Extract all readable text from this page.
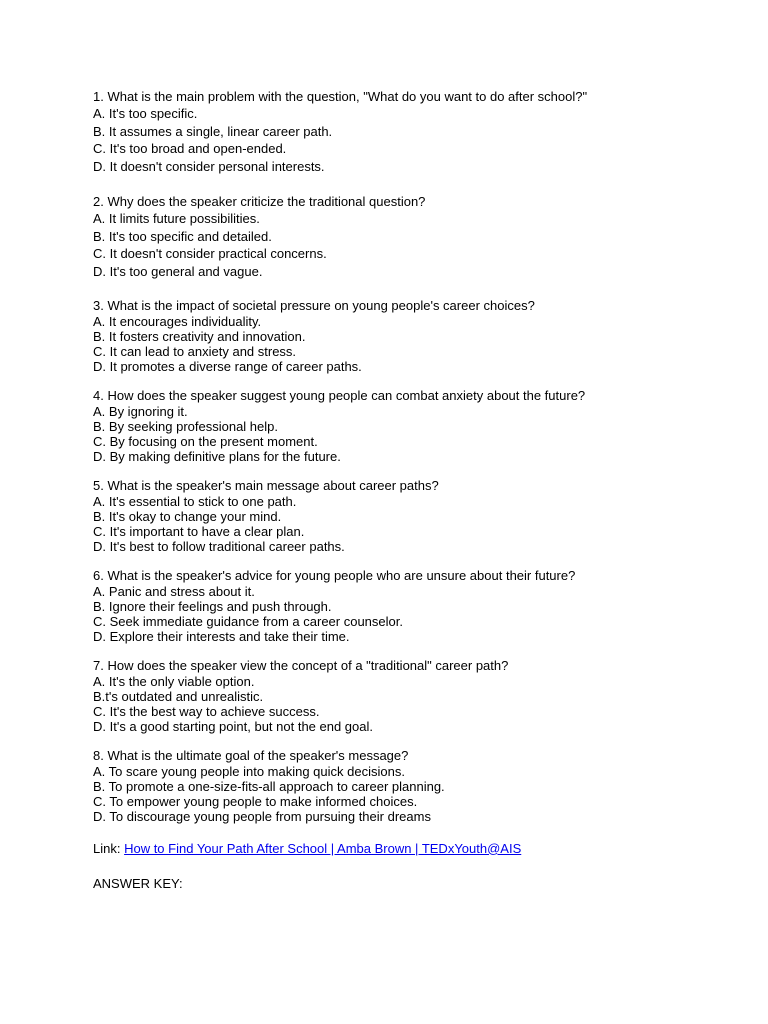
1. What is the main problem with the question, "What do you want to do after school?"
A. It's too specific.
B. It assumes a single, linear career path.
C. It's too broad and open-ended.
D. It doesn't consider personal interests.
2. Why does the speaker criticize the traditional question?
A. It limits future possibilities.
B. It's too specific and detailed.
C. It doesn't consider practical concerns.
D. It's too general and vague.
3. What is the impact of societal pressure on young people's career choices?
A. It encourages individuality.
B. It fosters creativity and innovation.
C. It can lead to anxiety and stress.
D. It promotes a diverse range of career paths.
4. How does the speaker suggest young people can combat anxiety about the future?
A. By ignoring it.
B. By seeking professional help.
C. By focusing on the present moment.
D. By making definitive plans for the future.
5. What is the speaker's main message about career paths?
A. It's essential to stick to one path.
B. It's okay to change your mind.
C. It's important to have a clear plan.
D. It's best to follow traditional career paths.
6. What is the speaker's advice for young people who are unsure about their future?
A. Panic and stress about it.
B. Ignore their feelings and push through.
C. Seek immediate guidance from a career counselor.
D. Explore their interests and take their time.
7. How does the speaker view the concept of a "traditional" career path?
A. It's the only viable option.
B.t's outdated and unrealistic.
C. It's the best way to achieve success.
D. It's a good starting point, but not the end goal.
8. What is the ultimate goal of the speaker's message?
A. To scare young people into making quick decisions.
B. To promote a one-size-fits-all approach to career planning.
C. To empower young people to make informed choices.
D. To discourage young people from pursuing their dreams
Link: How to Find Your Path After School | Amba Brown | TEDxYouth@AIS
ANSWER KEY:
